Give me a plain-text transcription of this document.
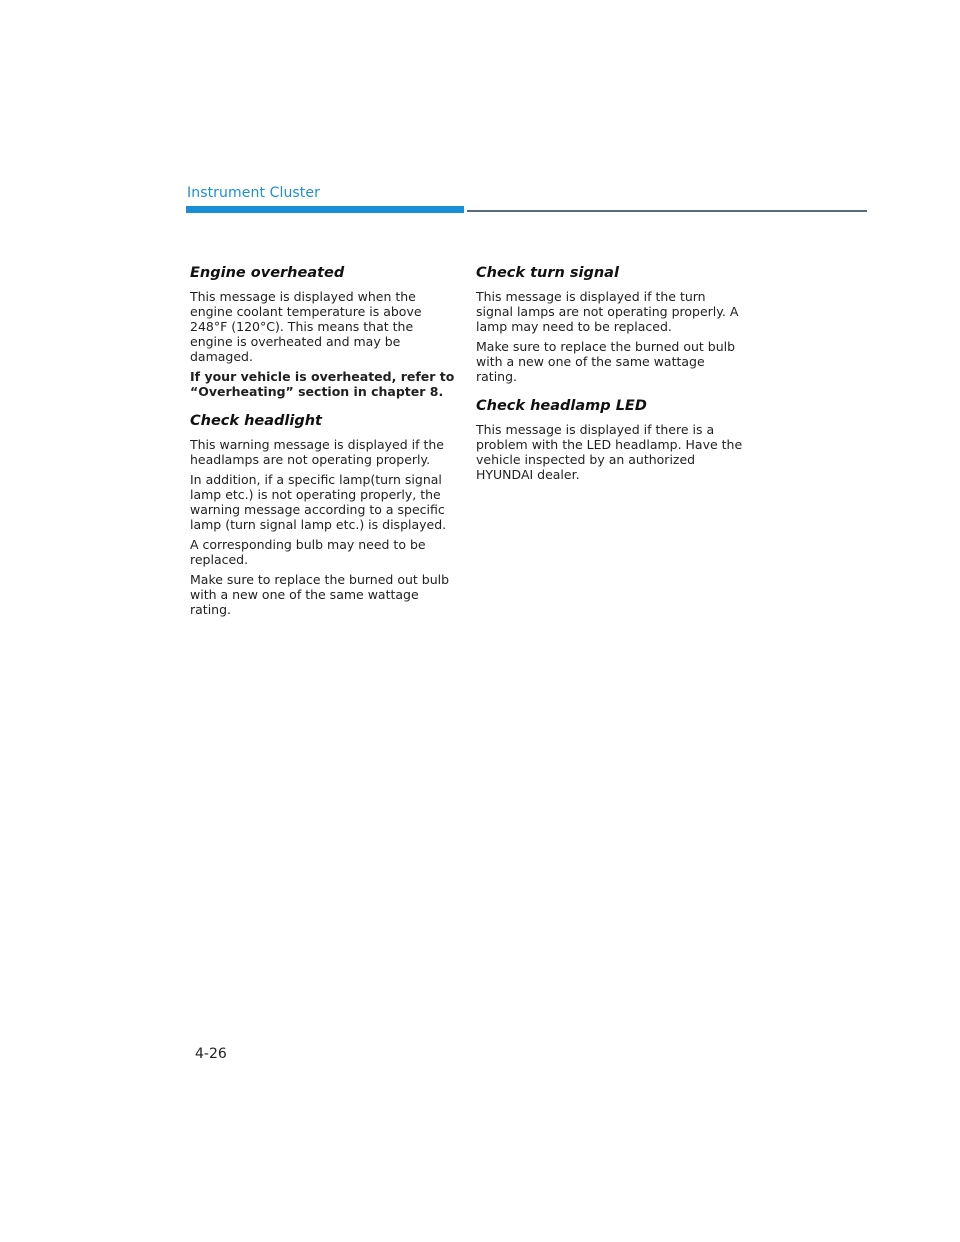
Instrument Cluster
Engine overheated

This message is displayed when the engine coolant temperature is above 248°F (120°C). This means that the engine is overheated and may be damaged.

If your vehicle is overheated, refer to “Overheating” section in chapter 8.

Check headlight

This warning message is displayed if the headlamps are not operating properly.

In addition, if a specific lamp(turn signal lamp etc.) is not operating properly, the warning message according to a specific lamp (turn signal lamp etc.) is displayed.

A corresponding bulb may need to be replaced.

Make sure to replace the burned out bulb with a new one of the same wattage rating.

Check turn signal

This message is displayed if the turn signal lamps are not operating properly. A lamp may need to be replaced.

Make sure to replace the burned out bulb with a new one of the same wattage rating.

Check headlamp LED

This message is displayed if there is a problem with the LED headlamp. Have the vehicle inspected by an authorized HYUNDAI dealer.

4-26
